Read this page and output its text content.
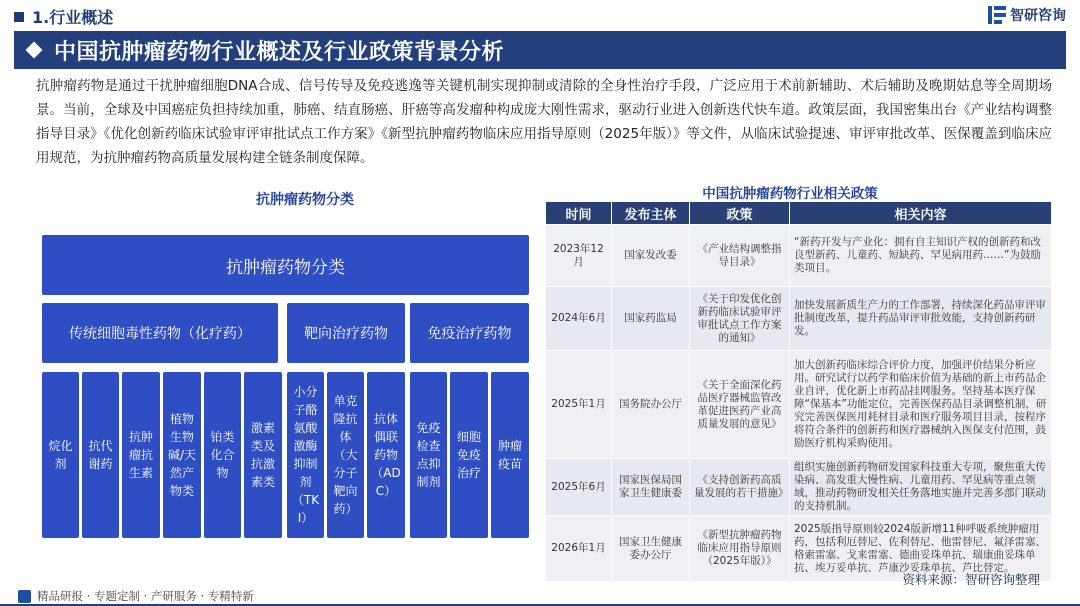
1.行业概述	智研咨询
中国抗肿瘤药物行业概述及行业政策背景分析

抗肿瘤药物是通过干扰肿瘤细胞DNA合成、信号传导及免疫逃逸等关键机制实现抑制或清除的全身性治疗手段，广泛应用于术前新辅助、术后辅助及晚期姑息等全周期场景。当前，全球及中国癌症负担持续加重，肺癌、结直肠癌、肝癌等高发瘤种构成庞大刚性需求，驱动行业进入创新迭代快车道。政策层面，我国密集出台《产业结构调整指导目录》《优化创新药临床试验审评审批试点工作方案》《新型抗肿瘤药物临床应用指导原则（2025年版）》等文件，从临床试验提速、审评审批改革、医保覆盖到临床应用规范，为抗肿瘤药物高质量发展构建全链条制度保障。

抗肿瘤药物分类
抗肿瘤药物分类
传统细胞毒性药物（化疗药）	靶向治疗药物	免疫治疗药物
烷化剂
抗代谢药
抗肿瘤抗生素
植物生物碱/天然产物类
铂类化合物
激素类及抗激素类
小分子酪氨酸激酶抑制剂（TKI）
单克隆抗体（大分子靶向药）
抗体偶联药物（ADC）
免疫检查点抑制剂
细胞免疫治疗
肿瘤疫苗
中国抗肿瘤药物行业相关政策
时间	发布主体	政策	相关内容
2023年12月	国家发改委	《产业结构调整指导目录》	“新药开发与产业化：拥有自主知识产权的创新药和改良型新药、儿童药、短缺药、罕见病用药……”为鼓励类项目。
2024年6月	国家药监局	《关于印发优化创新药临床试验审评审批试点工作方案的通知》	加快发展新质生产力的工作部署，持续深化药品审评审批制度改革，提升药品审评审批效能，支持创新药研发。
2025年1月	国务院办公厅	《关于全面深化药品医疗器械监管改革促进医药产业高质量发展的意见》	加大创新药临床综合评价力度，加强评价结果分析应用。研究试行以药学和临床价值为基础的新上市药品企业自评，优化新上市药品挂网服务。坚持基本医疗保障“保基本”功能定位，完善医保药品目录调整机制，研究完善医保医用耗材目录和医疗服务项目目录，按程序将符合条件的创新药和医疗器械纳入医保支付范围，鼓励医疗机构采购使用。
2025年6月	国家医保局国家卫生健康委	《支持创新药高质量发展的若干措施》	组织实施创新药物研发国家科技重大专项，聚焦重大传染病、高发重大慢性病、儿童用药、罕见病等重点领域，推动药物研发相关任务落地实施并完善多部门联动的支持机制。
2026年1月	国家卫生健康委办公厅	《新型抗肿瘤药物临床应用指导原则（2025年版）》	2025版指导原则较2024版新增11种呼吸系统肿瘤用药，包括利厄替尼、佐利替尼、他雷替尼、氟泽雷塞、格索雷塞、戈来雷塞、德曲妥珠单抗、瑞康曲妥珠单抗、埃万妥单抗、芦康沙妥珠单抗、芦比替定。
资料来源：智研咨询整理
精品研报 · 专题定制 · 产研服务 · 专精特新
